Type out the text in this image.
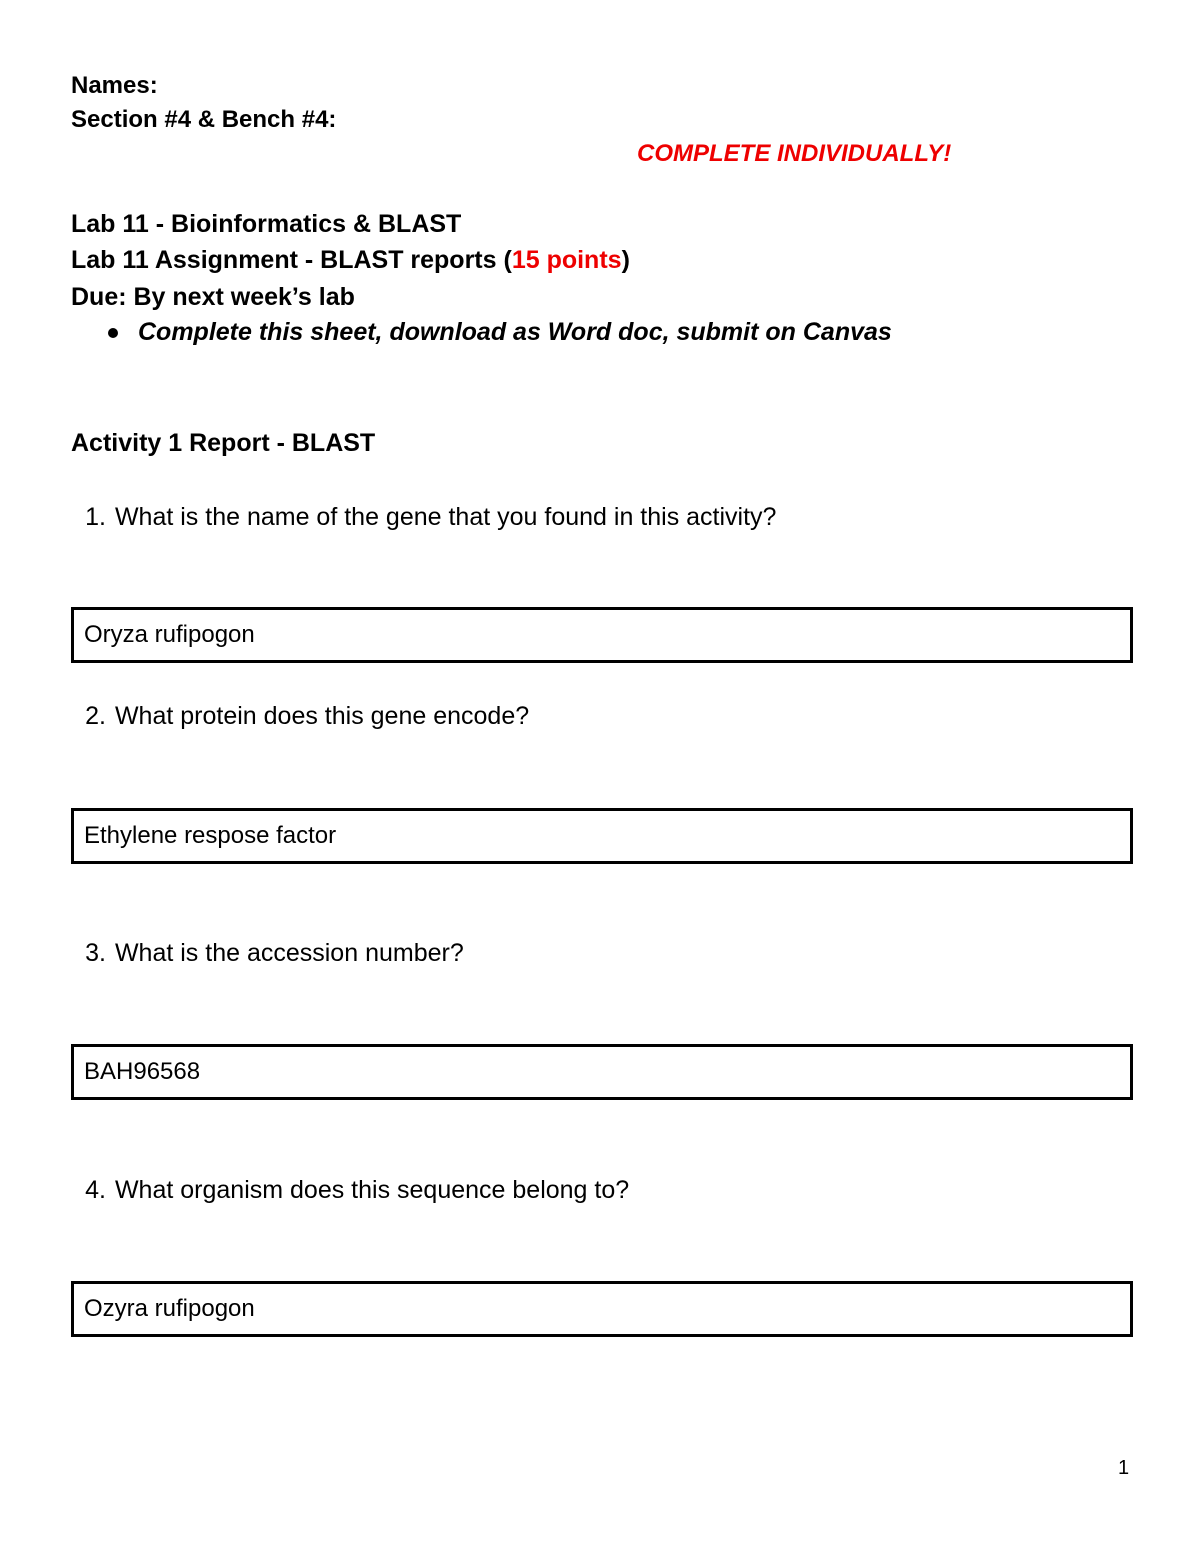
Names:
Section #4 & Bench #4:
COMPLETE INDIVIDUALLY!
Lab 11 - Bioinformatics & BLAST
Lab 11 Assignment - BLAST reports (15 points)
Due: By next week’s lab
Complete this sheet, download as Word doc, submit on Canvas
Activity 1 Report - BLAST
1. What is the name of the gene that you found in this activity?
Oryza rufipogon
2. What protein does this gene encode?
Ethylene respose factor
3. What is the accession number?
BAH96568
4. What organism does this sequence belong to?
Ozyra rufipogon
1
